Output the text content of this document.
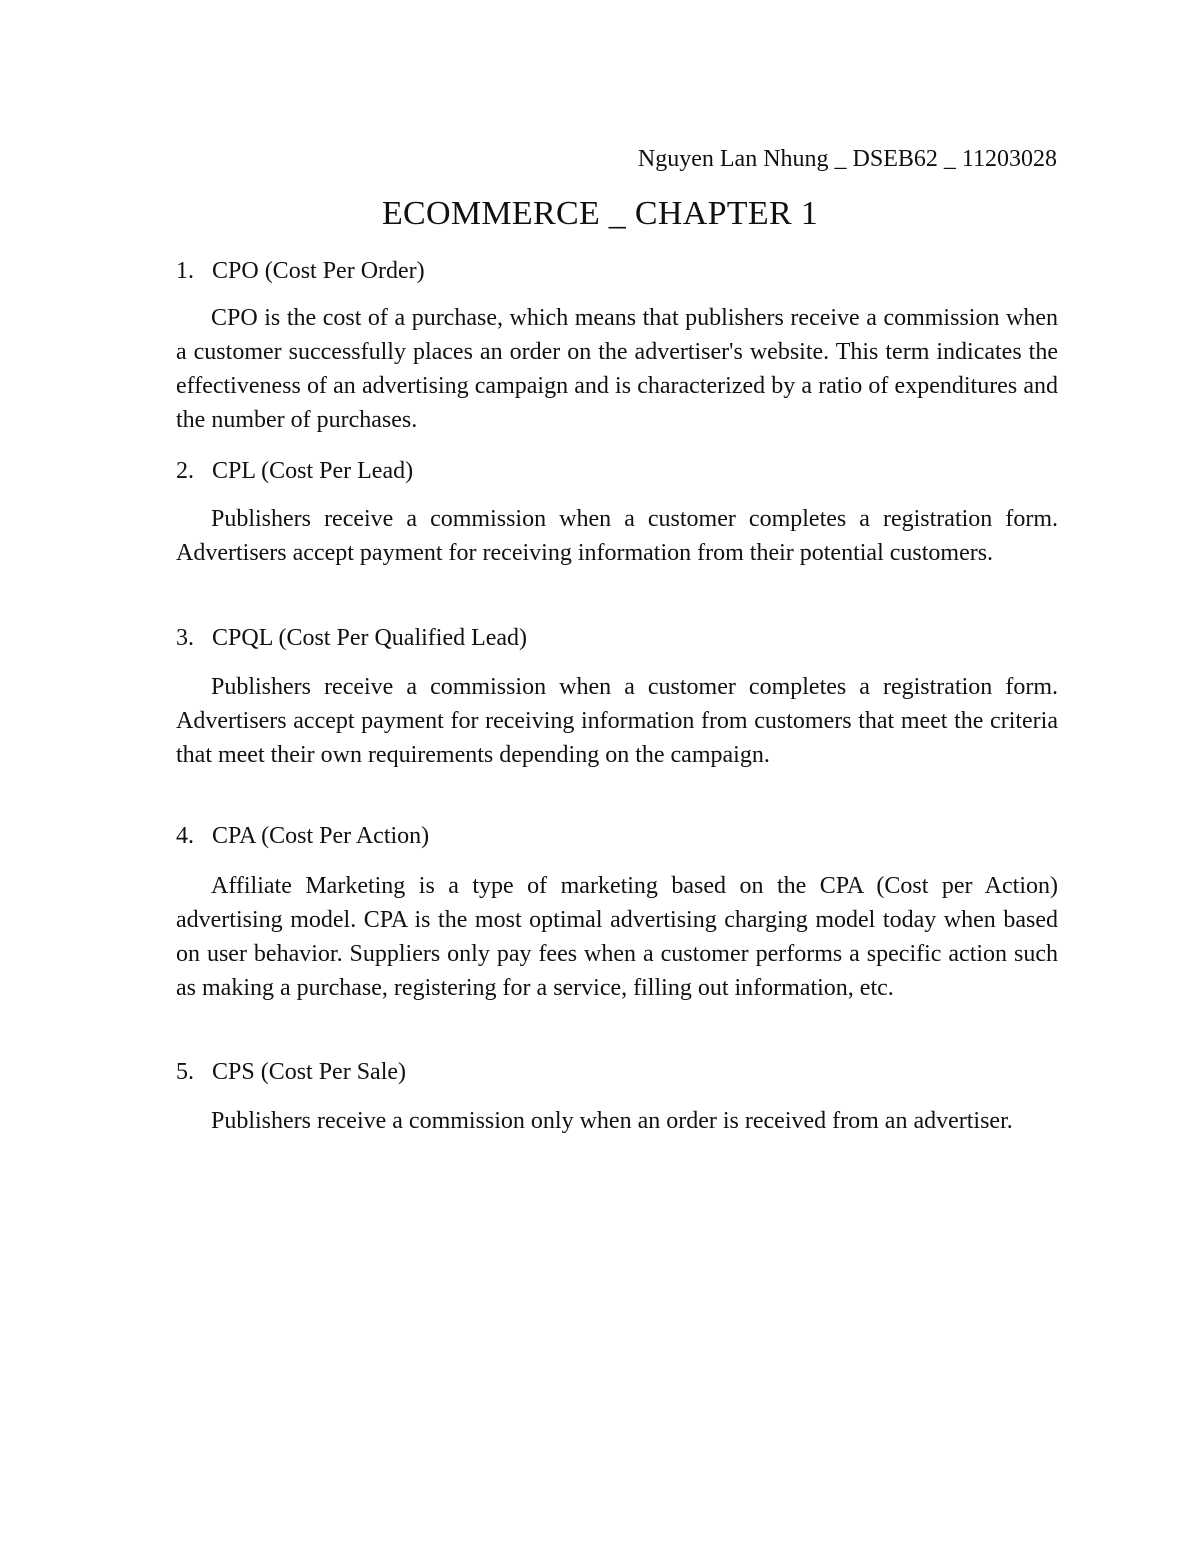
Nguyen Lan Nhung _ DSEB62 _ 11203028
ECOMMERCE _ CHAPTER 1
1. CPO (Cost Per Order)

CPO is the cost of a purchase, which means that publishers receive a commission when a customer successfully places an order on the advertiser's website. This term indicates the effectiveness of an advertising campaign and is characterized by a ratio of expenditures and the number of purchases.

2. CPL (Cost Per Lead)

Publishers receive a commission when a customer completes a registration form. Advertisers accept payment for receiving information from their potential customers.

3. CPQL (Cost Per Qualified Lead)

Publishers receive a commission when a customer completes a registration form. Advertisers accept payment for receiving information from customers that meet the criteria that meet their own requirements depending on the campaign.

4. CPA (Cost Per Action)

Affiliate Marketing is a type of marketing based on the CPA (Cost per Action) advertising model. CPA is the most optimal advertising charging model today when based on user behavior. Suppliers only pay fees when a customer performs a specific action such as making a purchase, registering for a service, filling out information, etc.

5. CPS (Cost Per Sale)

Publishers receive a commission only when an order is received from an advertiser.
